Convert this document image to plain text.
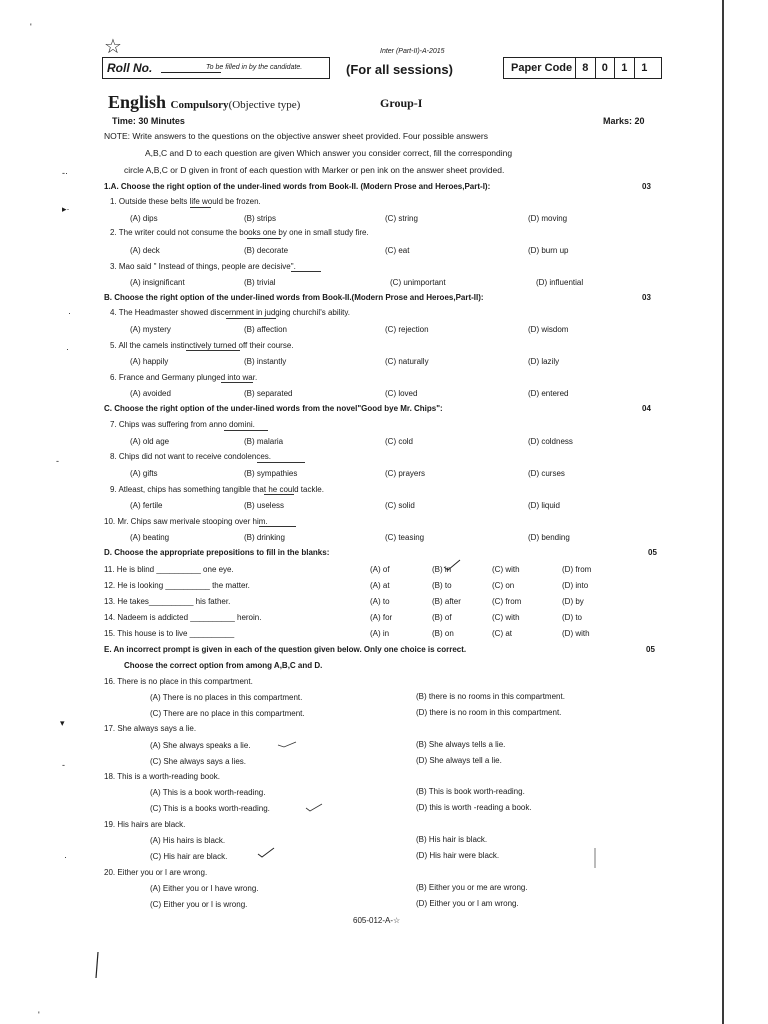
'
-·
▸·
·
·
-
▾
-
·
'
☆	Inter (Part-II)-A-2015
Roll No.	To be filled in by the candidate.	(For all sessions)	Paper Code 8	0	1	1
English Compulsory(Objective type)	Group-I
Time: 30 Minutes	Marks: 20
NOTE: Write answers to the questions on the objective answer sheet provided. Four possible answers
A,B,C and D to each question are given Which answer you consider correct, fill the corresponding
circle A,B,C or D given in front of each question with Marker or pen ink on the answer sheet provided.
1.A. Choose the right option of the under-lined words from Book-II. (Modern Prose and Heroes,Part-I):	03
1. Outside these belts life would be frozen.
(A) dips	(B) strips	(C) string	(D) moving
2. The writer could not consume the books one by one in small study fire.
(A) deck	(B) decorate	(C) eat	(D) burn up
3. Mao said " Instead of things, people are decisive".
(A) insignificant	(B) trivial	(C) unimportant	(D) influential
B. Choose the right option of the under-lined words from Book-II.(Modern Prose and Heroes,Part-II):	03
4. The Headmaster showed discernment in judging churchil's ability.
(A) mystery	(B) affection	(C) rejection	(D) wisdom
5. All the camels instinctively turned off their course.
(A) happily	(B) instantly	(C) naturally	(D) lazily
6. France and Germany plunged into war.
(A) avoided	(B) separated	(C) loved	(D) entered
C. Choose the right option of the under-lined words from the novel"Good bye Mr. Chips":	04
7. Chips was suffering from anno domini.
(A) old age	(B) malaria	(C) cold	(D) coldness
8. Chips did not want to receive condolences.
(A) gifts	(B) sympathies	(C) prayers	(D) curses
9. Atleast, chips has something tangible that he could tackle.
(A) fertile	(B) useless	(C) solid	(D) liquid
10. Mr. Chips saw merivale stooping over him.
(A) beating	(B) drinking	(C) teasing	(D) bending
D. Choose the appropriate prepositions to fill in the blanks:	05
11. He is blind __________ one eye.	(A) of	(B) in	(C) with	(D) from
12. He is looking __________ the matter.	(A) at	(B) to	(C) on	(D) into
13. He takes__________ his father.	(A) to	(B) after	(C) from	(D) by
14. Nadeem is addicted __________ heroin.	(A) for	(B) of	(C) with	(D) to
15. This house is to live __________	(A) in	(B) on	(C) at	(D) with
E. An incorrect prompt is given in each of the question given below. Only one choice is correct.	05
Choose the correct option from among A,B,C and D.
16. There is no place in this compartment.
(A) There is no places in this compartment.	(B) there is no rooms in this compartment.
(C) There are no place in this compartment.	(D) there is no room in this compartment.
17. She always says a lie.
(A) She always speaks a lie.	(B) She always tells a lie.
(C) She always says a lies.	(D) She always tell a lie.
18. This is a worth-reading book.
(A) This is a book worth-reading.	(B) This is book worth-reading.
(C) This is a books worth-reading.	(D) this is worth -reading a book.
19. His hairs are black.
(A) His hairs is black.	(B) His hair is black.
(C) His hair are black.	(D) His hair were black.
20. Either you or I are wrong.
(A) Either you or I have wrong.	(B) Either you or me are wrong.
(C) Either you or I is wrong.	(D) Either you or I am wrong.
605-012-A-☆
